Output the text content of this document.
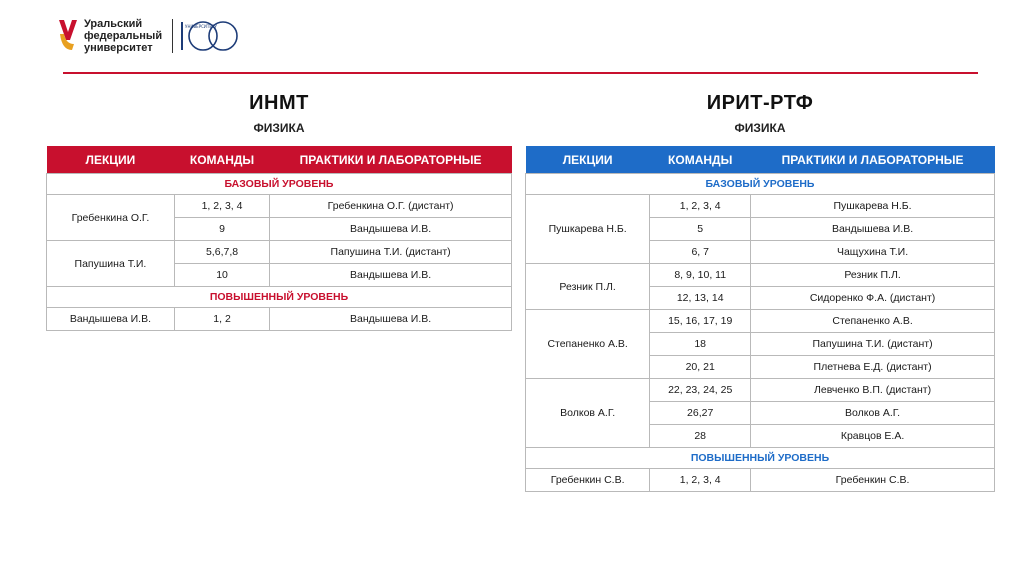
Уральский
федеральный
университет
УНИВЕРСИТЕТУ
ИНМТ
ФИЗИКА
ЛЕКЦИИ	КОМАНДЫ	ПРАКТИКИ И ЛАБОРАТОРНЫЕ
БАЗОВЫЙ УРОВЕНЬ		
Гребенкина О.Г.	1, 2, 3, 4	Гребенкина О.Г. (дистант)
	9	Вандышева И.В.
Папушина Т.И.	5,6,7,8	Папушина Т.И. (дистант)
	10	Вандышева И.В.
ПОВЫШЕННЫЙ УРОВЕНЬ		
Вандышева И.В.	1, 2	Вандышева И.В.
ИРИТ-РТФ
ФИЗИКА
ЛЕКЦИИ	КОМАНДЫ	ПРАКТИКИ И ЛАБОРАТОРНЫЕ
БАЗОВЫЙ УРОВЕНЬ		
Пушкарева Н.Б.	1, 2, 3, 4	Пушкарева Н.Б.
	5	Вандышева И.В.
	6, 7	Чащухина Т.И.
Резник П.Л.	8, 9, 10, 11	Резник П.Л.
	12, 13, 14	Сидоренко Ф.А. (дистант)
Степаненко А.В.	15, 16, 17, 19	Степаненко А.В.
	18	Папушина Т.И. (дистант)
	20, 21	Плетнева Е.Д. (дистант)
Волков А.Г.	22, 23, 24, 25	Левченко В.П. (дистант)
	26,27	Волков А.Г.
	28	Кравцов Е.А.
ПОВЫШЕННЫЙ УРОВЕНЬ		
Гребенкин С.В.	1, 2, 3, 4	Гребенкин С.В.
